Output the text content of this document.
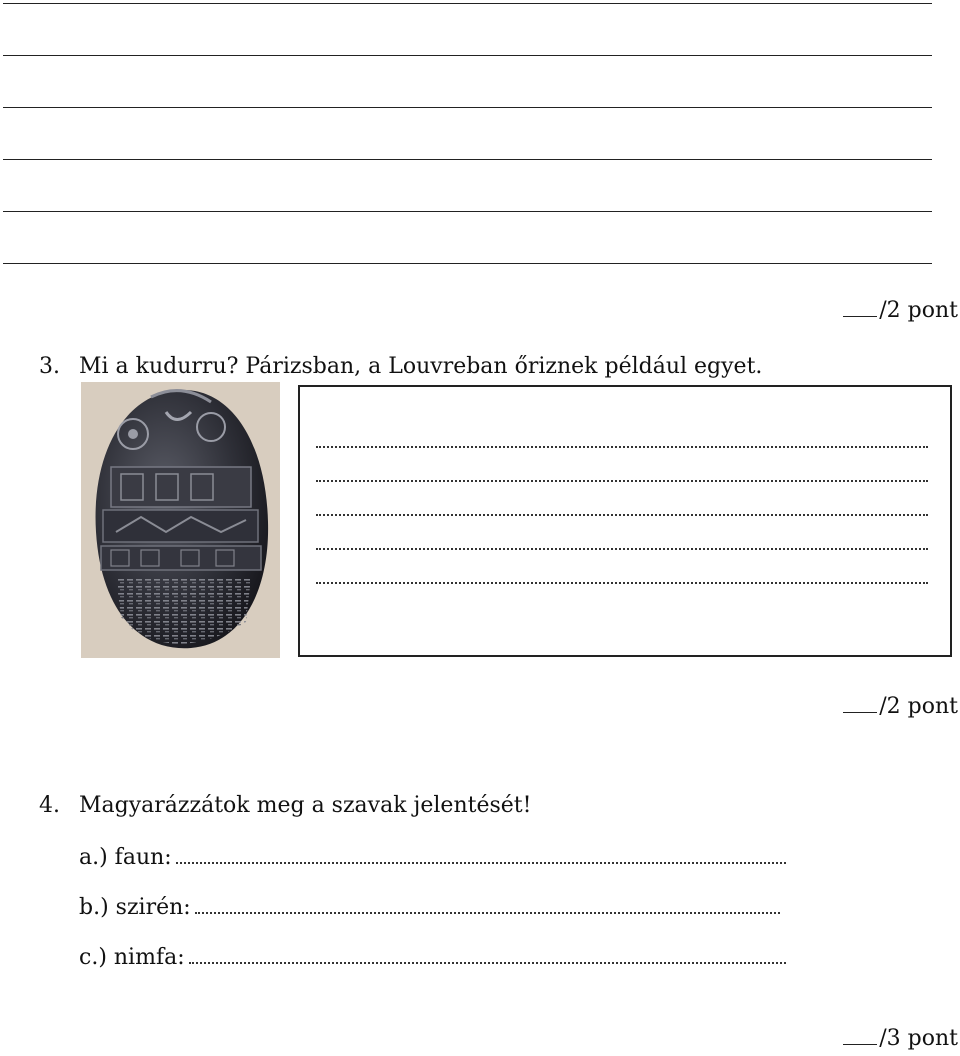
/2 pont
3. Mi a kudurru? Párizsban, a Louvreban őriznek például egyet.
/2 pont
4. Magyarázzátok meg a szavak jelentését!
a.) faun:
b.) szirén:
c.) nimfa:
/3 pont
